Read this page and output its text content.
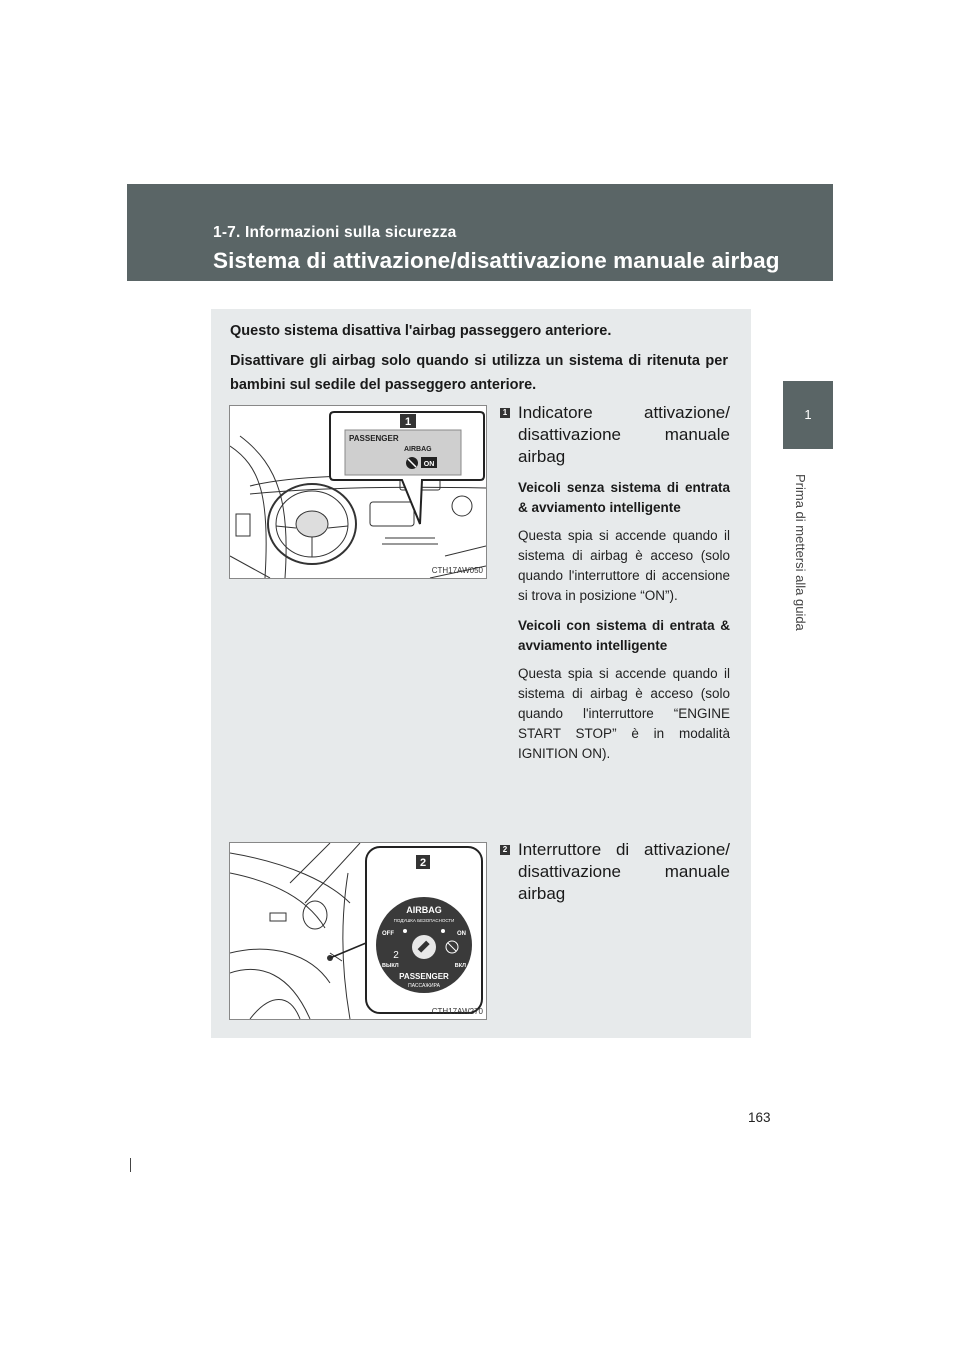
1-7. Informazioni sulla sicurezza
Sistema di attivazione/disattivazione manuale airbag
1
Prima di mettersi alla guida

Questo sistema disattiva l'airbag passeggero anteriore.

Disattivare gli airbag solo quando si utilizza un sistema di ritenuta per bambini sul sedile del passeggero anteriore.

1
PASSENGER
AIRBAG
ON
CTH17AW050
2
AIRBAG
ПОДУШКА БЕЗОПАСНОСТИ
OFF	ON
2
ВЫКЛ	ВКЛ
PASSENGER
ПАССАЖИРА
CTH17AW270
1 Indicatore attivazione/ disattivazione manuale airbag
Veicoli senza sistema di entrata & avviamento intelligente
Questa spia si accende quando il sistema di airbag è acceso (solo quando l'interruttore di accensione si trova in posizione “ON”).
Veicoli con sistema di entrata & avviamento intelligente
Questa spia si accende quando il sistema di airbag è acceso (solo quando l'interruttore “ENGINE START STOP” è in modalità IGNITION ON).
2 Interruttore di attivazione/ disattivazione manuale airbag
163
